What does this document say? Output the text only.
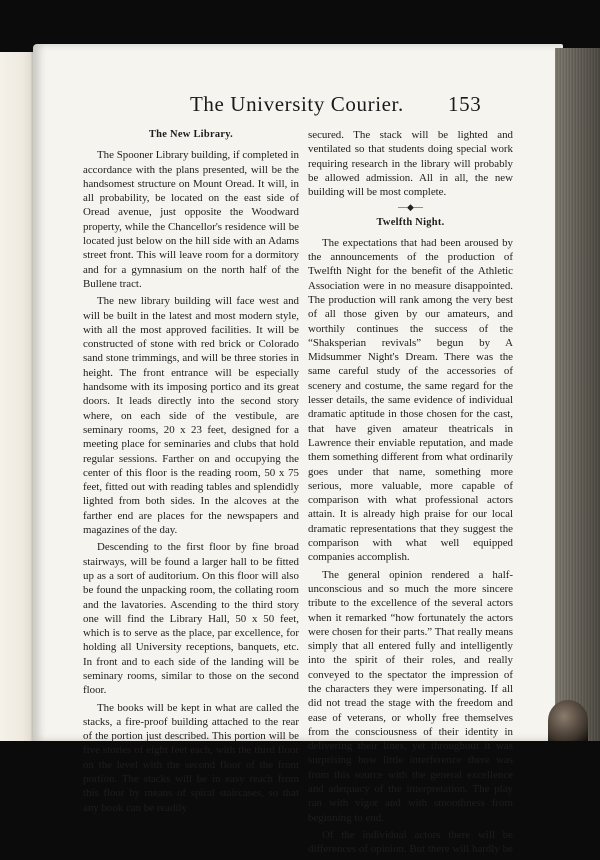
The University Courier. 153
The New Library.

The Spooner Library building, if completed in accordance with the plans presented, will be the handsomest structure on Mount Oread. It will, in all probability, be located on the east side of Oread avenue, just opposite the Woodward property, while the Chancellor's residence will be located just below on the hill side with an Adams street front. This will leave room for a dormitory and for a gymnasium on the north half of the Bullene tract.

The new library building will face west and will be built in the latest and most modern style, with all the most approved facilities. It will be constructed of stone with red brick or Colorado sand stone trimmings, and will be three stories in height. The front entrance will be especially handsome with its imposing portico and its great doors. It leads directly into the second story where, on each side of the vestibule, are seminary rooms, 20 x 23 feet, designed for a meeting place for seminaries and clubs that hold regular sessions. Farther on and occupying the center of this floor is the reading room, 50 x 75 feet, fitted out with reading tables and splendidly lighted from both sides. In the alcoves at the farther end are places for the newspapers and magazines of the day.

Descending to the first floor by fine broad stairways, will be found a larger hall to be fitted up as a sort of auditorium. On this floor will also be found the unpacking room, the collating room and the lavatories. Ascending to the third story one will find the Library Hall, 50 x 50 feet, which is to serve as the place, par excellence, for holding all University receptions, banquets, etc. In front and to each side of the landing will be seminary rooms, similar to those on the second floor.

The books will be kept in what are called the stacks, a fire-proof building attached to the rear of the portion just described. This portion will be five stories of eight feet each, with the third floor on the level with the second floor of the front portion. The stacks will be in easy reach from this floor by means of spiral staircases, so that any book can be readily

secured. The stack will be lighted and ventilated so that students doing special work requiring research in the library will probably be allowed admission. All in all, the new building will be most complete.

—◆—
Twelfth Night.

The expectations that had been aroused by the announcements of the production of Twelfth Night for the benefit of the Athletic Association were in no measure disappointed. The production will rank among the very best of all those given by our amateurs, and worthily continues the success of the “Shaksperian revivals” begun by A Midsummer Night's Dream. There was the same careful study of the accessories of scenery and costume, the same regard for the lesser details, the same evidence of individual dramatic aptitude in those chosen for the cast, that have given amateur theatricals in Lawrence their enviable reputation, and made them something different from what ordinarily goes under that name, something more serious, more valuable, more capable of comparison with what professional actors attain. It is already high praise for our local dramatic representations that they suggest the comparison with what well equipped companies accomplish.

The general opinion rendered a half-unconscious and so much the more sincere tribute to the excellence of the several actors when it remarked “how fortunately the actors were chosen for their parts.” That really means simply that all entered fully and intelligently into the spirit of their roles, and really conveyed to the spectator the impression of the characters they were impersonating. If all did not tread the stage with the freedom and ease of veterans, or wholly free themselves from the consciousness of their identity in delivering their lines, yet throughout it was surprising how little interference there was from this source with the general excellence and adequacy of the interpretation. The play ran with vigor and with smoothness from beginning to end.

Of the individual actors there will be differences of opinion. But there will hardly be
